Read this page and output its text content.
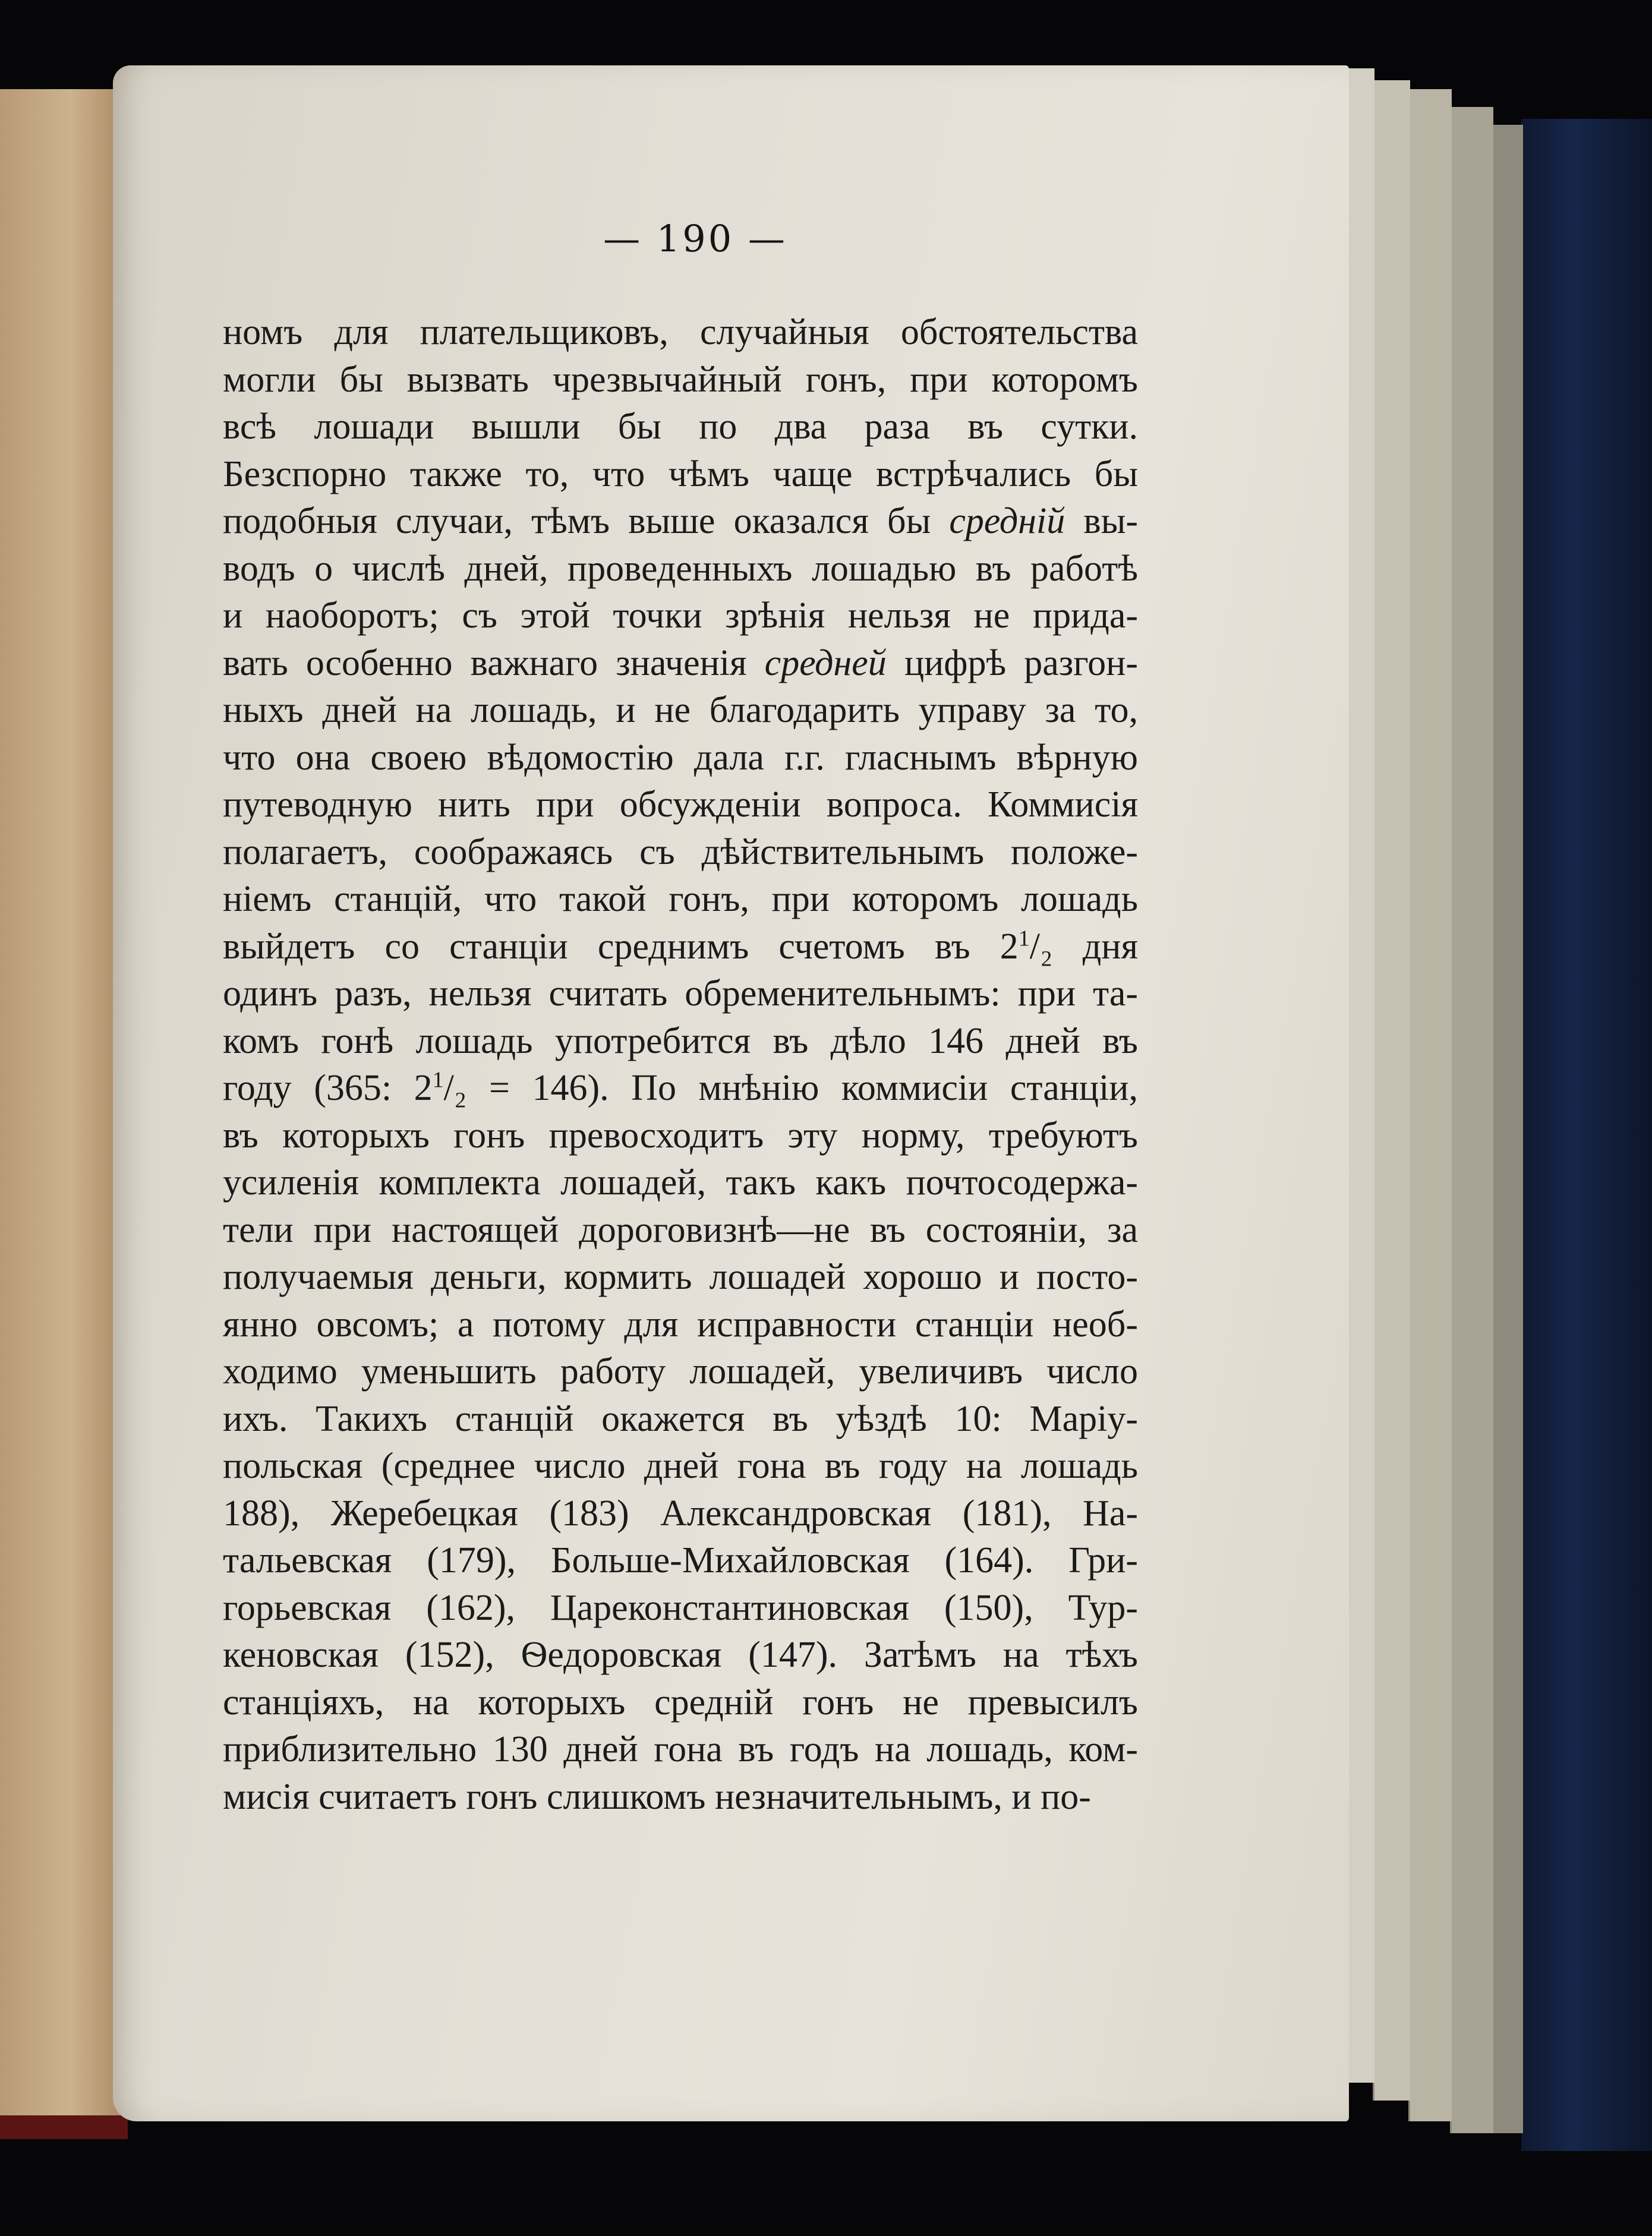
— 190 —
номъ для плательщиковъ, случайныя обстоятельства
могли бы вызвать чрезвычайный гонъ, при которомъ
всѣ лошади вышли бы по два раза въ сутки.
Безспорно также то, что чѣмъ чаще встрѣчались бы
подобныя случаи, тѣмъ выше оказался бы средній вы-
водъ о числѣ дней, проведенныхъ лошадью въ работѣ
и наоборотъ; съ этой точки зрѣнія нельзя не прида-
вать особенно важнаго значенія средней цифрѣ разгон-
ныхъ дней на лошадь, и не благодарить управу за то,
что она своею вѣдомостію дала г.г. гласнымъ вѣрную
путеводную нить при обсужденіи вопроса. Коммисія
полагаетъ, соображаясь съ дѣйствительнымъ положе-
ніемъ станцій, что такой гонъ, при которомъ лошадь
выйдетъ со станціи среднимъ счетомъ въ $2^1/_2$ дня
одинъ разъ, нельзя считать обременительнымъ: при та-
комъ гонѣ лошадь употребится въ дѣло 146 дней въ
году (365: $2^1/_2 = 146$). По мнѣнію коммисіи станціи,
въ которыхъ гонъ превосходитъ эту норму, требуютъ
усиленія комплекта лошадей, такъ какъ почтосодержа-
тели при настоящей дороговизнѣ—не въ состояніи, за
получаемыя деньги, кормить лошадей хорошо и посто-
янно овсомъ; а потому для исправности станціи необ-
ходимо уменьшить работу лошадей, увеличивъ число
ихъ. Такихъ станцій окажется въ уѣздѣ 10: Маріу-
польская (среднее число дней гона въ году на лошадь
188), Жеребецкая (183) Александровская (181), На-
тальевская (179), Больше-Михайловская (164). Гри-
горьевская (162), Цареконстантиновская (150), Тур-
кеновская (152), Ѳедоровская (147). Затѣмъ на тѣхъ
станціяхъ, на которыхъ средній гонъ не превысилъ
приблизительно 130 дней гона въ годъ на лошадь, ком-
мисія считаетъ гонъ слишкомъ незначительнымъ, и по-
